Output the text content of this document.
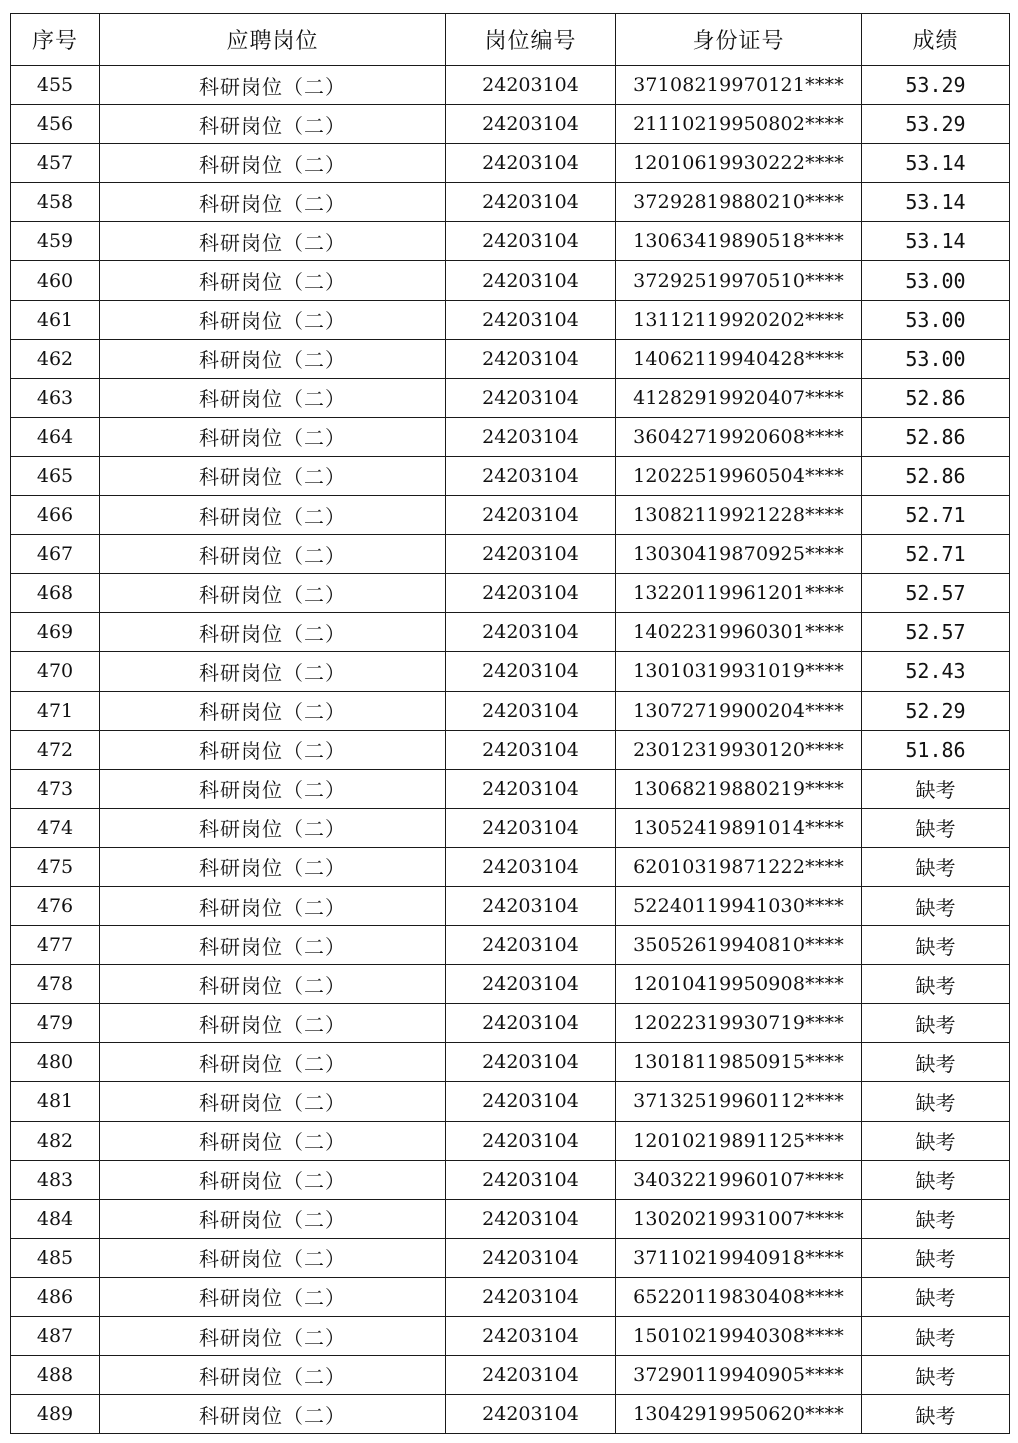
序号	应聘岗位	岗位编号	身份证号	成绩
455	科研岗位（二）	24203104	37108219970121****	53.29
456	科研岗位（二）	24203104	21110219950802****	53.29
457	科研岗位（二）	24203104	12010619930222****	53.14
458	科研岗位（二）	24203104	37292819880210****	53.14
459	科研岗位（二）	24203104	13063419890518****	53.14
460	科研岗位（二）	24203104	37292519970510****	53.00
461	科研岗位（二）	24203104	13112119920202****	53.00
462	科研岗位（二）	24203104	14062119940428****	53.00
463	科研岗位（二）	24203104	41282919920407****	52.86
464	科研岗位（二）	24203104	36042719920608****	52.86
465	科研岗位（二）	24203104	12022519960504****	52.86
466	科研岗位（二）	24203104	13082119921228****	52.71
467	科研岗位（二）	24203104	13030419870925****	52.71
468	科研岗位（二）	24203104	13220119961201****	52.57
469	科研岗位（二）	24203104	14022319960301****	52.57
470	科研岗位（二）	24203104	13010319931019****	52.43
471	科研岗位（二）	24203104	13072719900204****	52.29
472	科研岗位（二）	24203104	23012319930120****	51.86
473	科研岗位（二）	24203104	13068219880219****	缺考
474	科研岗位（二）	24203104	13052419891014****	缺考
475	科研岗位（二）	24203104	62010319871222****	缺考
476	科研岗位（二）	24203104	52240119941030****	缺考
477	科研岗位（二）	24203104	35052619940810****	缺考
478	科研岗位（二）	24203104	12010419950908****	缺考
479	科研岗位（二）	24203104	12022319930719****	缺考
480	科研岗位（二）	24203104	13018119850915****	缺考
481	科研岗位（二）	24203104	37132519960112****	缺考
482	科研岗位（二）	24203104	12010219891125****	缺考
483	科研岗位（二）	24203104	34032219960107****	缺考
484	科研岗位（二）	24203104	13020219931007****	缺考
485	科研岗位（二）	24203104	37110219940918****	缺考
486	科研岗位（二）	24203104	65220119830408****	缺考
487	科研岗位（二）	24203104	15010219940308****	缺考
488	科研岗位（二）	24203104	37290119940905****	缺考
489	科研岗位（二）	24203104	13042919950620****	缺考
